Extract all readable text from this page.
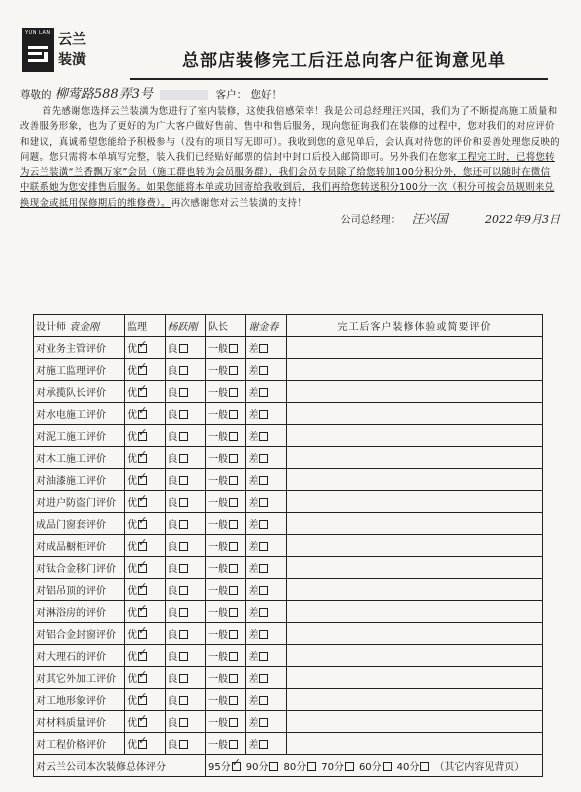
YUN LAN 云兰
装潢	总部店装修完工后汪总向客户征询意见单
尊敬的 柳莺路588弄3号	客户： 您好！

首先感谢您选择云兰装潢为您进行了室内装修，这使我倍感荣幸！我是公司总经理汪兴国，我们为了不断提高施工质量和改善服务形象，也为了更好的为广大客户做好售前、售中和售后服务，现向您征询我们在装修的过程中，您对我们的对应评价和建议，真诚希望您能给予积极参与（没有的项目写无即可）。我收到您的意见单后，会认真对待您的评价和妥善处理您反映的问题。您只需将本单填写完整，装入我们已经贴好邮票的信封中封口后投入邮筒即可。另外我们在您家工程完工时，已将您转为云兰装潢“兰香飘万家”会员（施工群也转为会员服务群），我们会员专员除了给您转加100分积分外，您还可以随时在微信中联系她为您安排售后服务。如果您能将本单或功回寄给我收到后，我们再给您转送积分100分一次（积分可按会员规则来兑换现金或抵用保修期后的维修费）。再次感谢您对云兰装潢的支持！

公司总经理： 汪兴国	2022年9月3日
设计师 袁金刚	监理	杨跃刚	队长	谢金春	完工后客户装修体验或简要评价
对业务主管评价	优✓	良	一般	差	
对施工监理评价	优✓	良	一般	差	
对承揽队长评价	优✓	良	一般	差	
对水电施工评价	优✓	良	一般	差	
对泥工施工评价	优✓	良	一般	差	
对木工施工评价	优✓	良	一般	差	
对油漆施工评价	优✓	良	一般	差	
对进户防盗门评价	优✓	良	一般	差	
成品门窗套评价	优✓	良	一般	差	
对成品橱柜评价	优✓	良	一般	差	
对钛合金移门评价	优✓	良	一般	差	
对铝吊顶的评价	优✓	良	一般	差	
对淋浴房的评价	优✓	良	一般	差	
对铝合金封窗评价	优✓	良	一般	差	
对大理石的评价	优✓	良	一般	差	
对其它外加工评价	优✓	良	一般	差	
对工地形象评价	优✓	良	一般	差	
对材料质量评价	优✓	良	一般	差	
对工程价格评价	优✓	良	一般	差	
对云兰公司本次装修总体评分			95分 ✓ 90分 80分 70分 60分 40分 （其它内容见背页）
